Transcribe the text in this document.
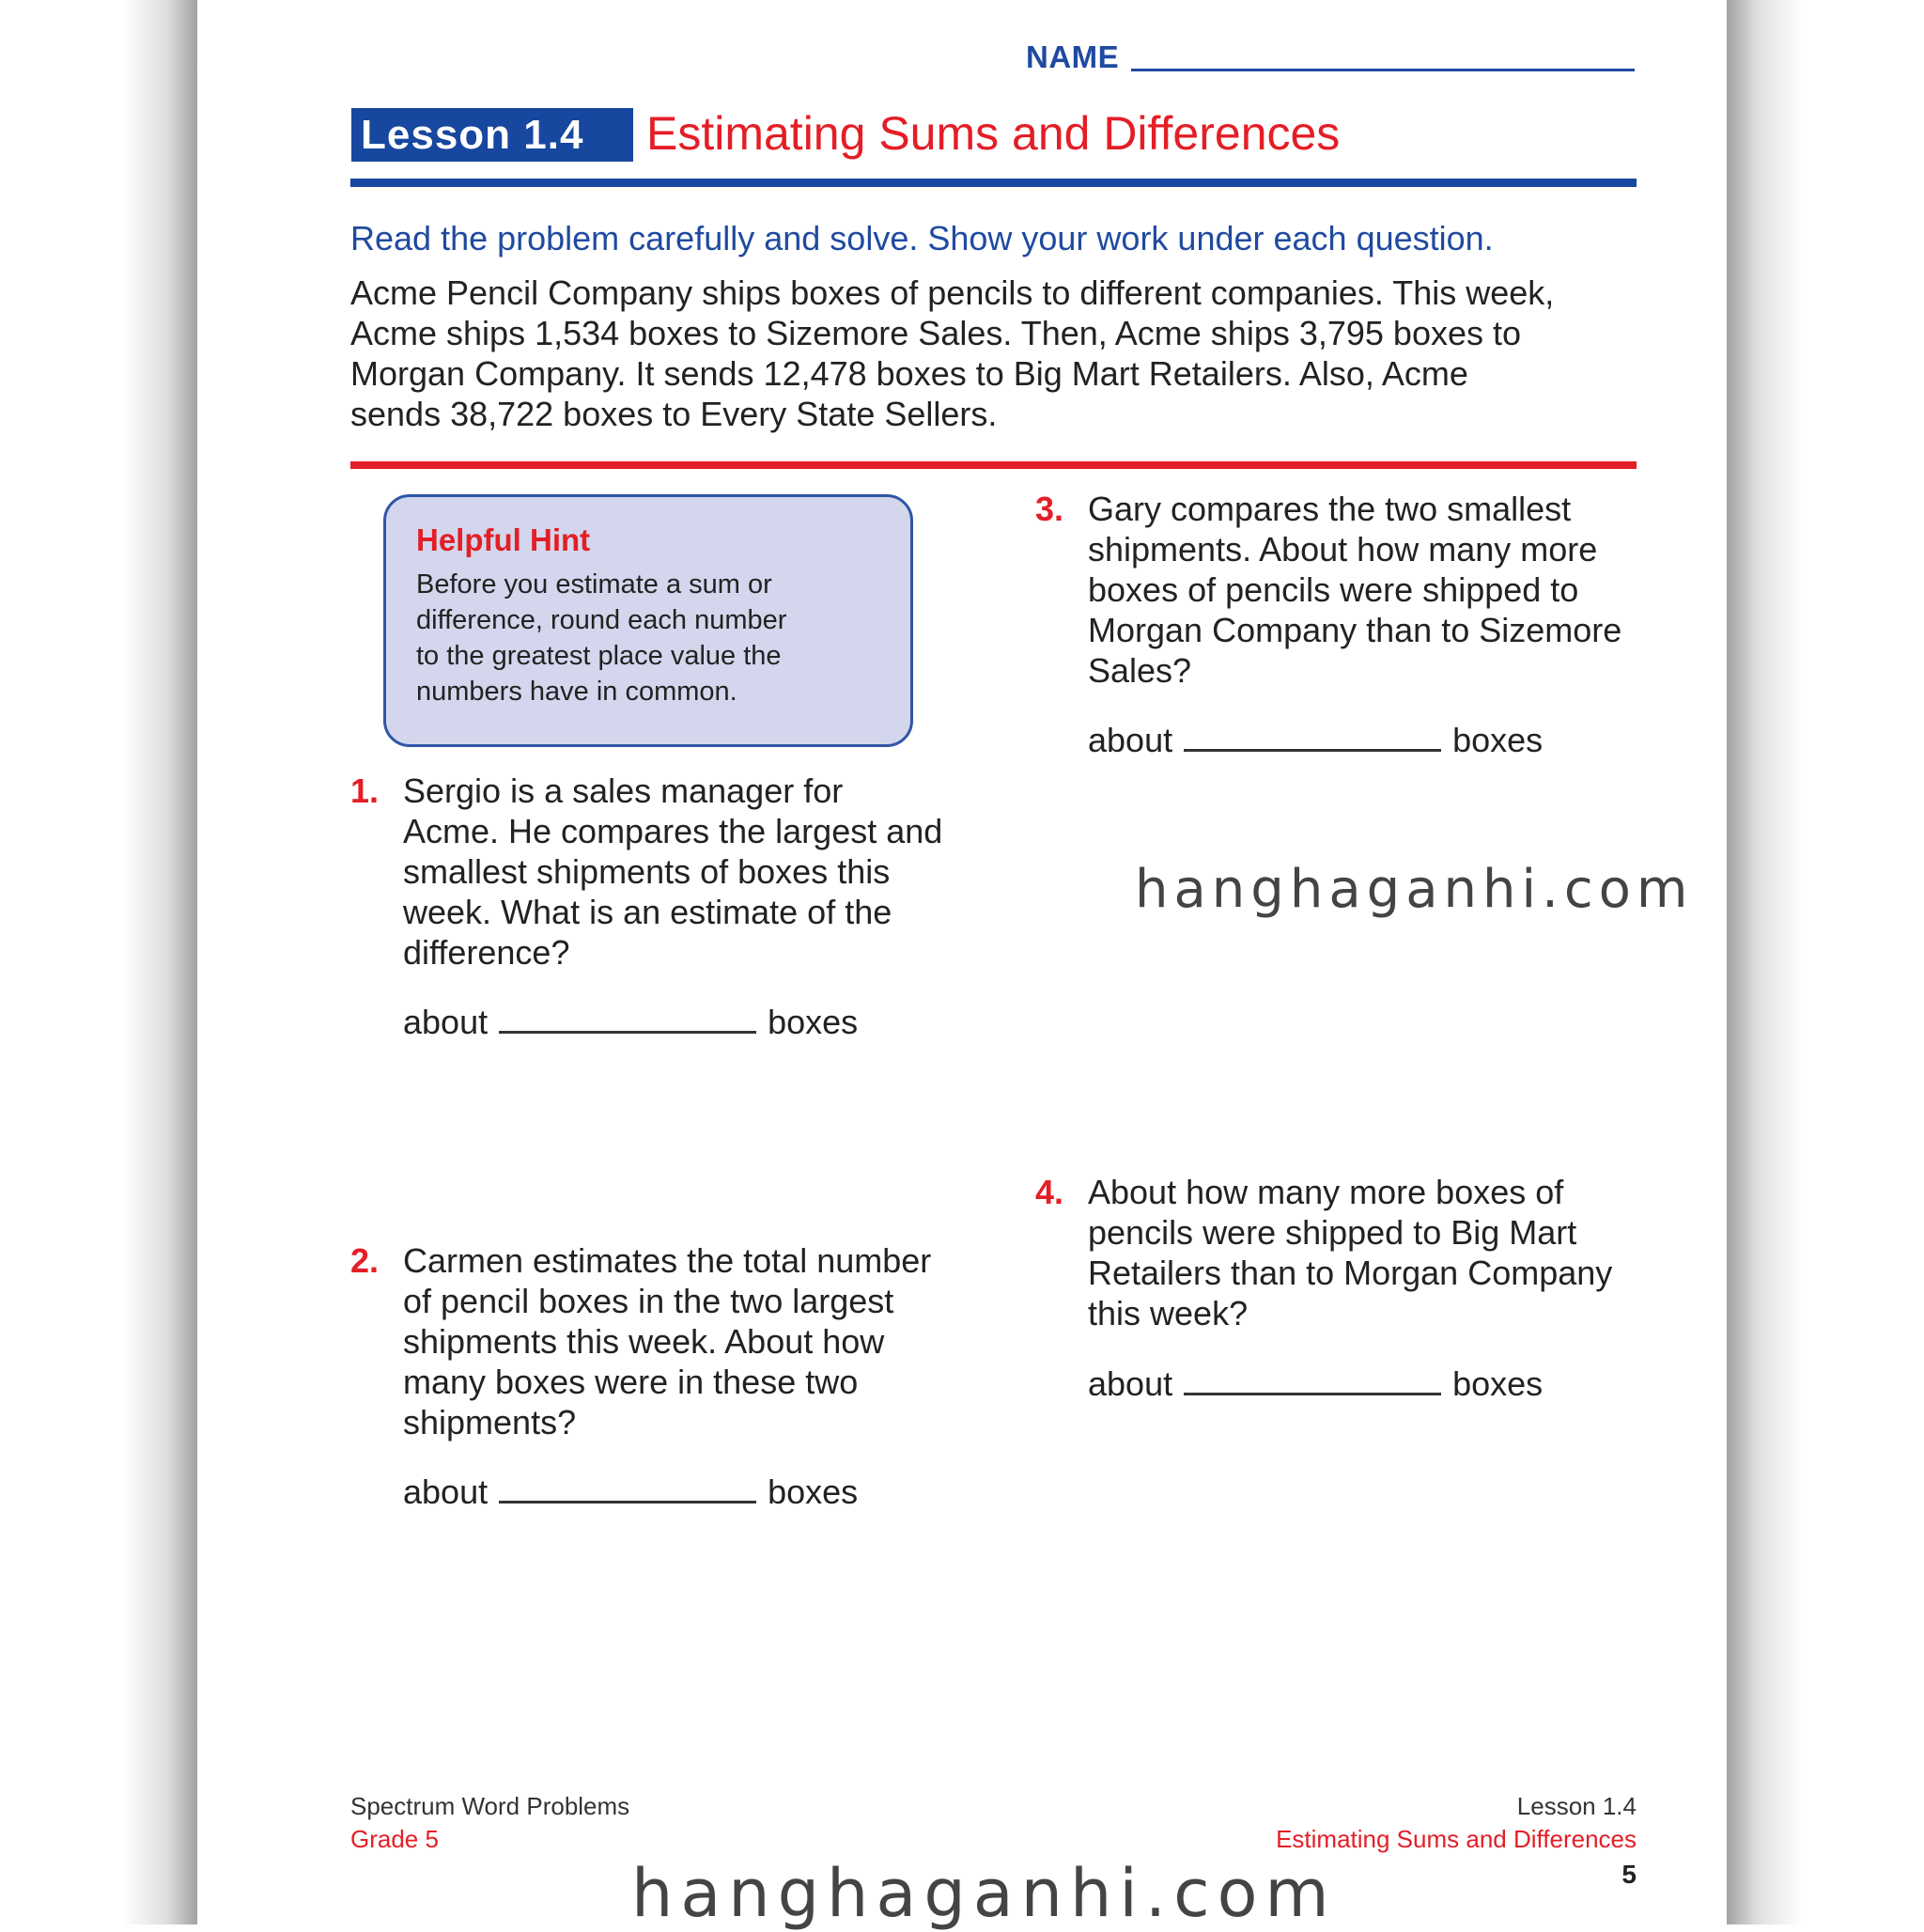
NAME
Lesson 1.4	Estimating Sums and Differences
Read the problem carefully and solve. Show your work under each question.
Acme Pencil Company ships boxes of pencils to different companies. This week,
Acme ships 1,534 boxes to Sizemore Sales. Then, Acme ships 3,795 boxes to
Morgan Company. It sends 12,478 boxes to Big Mart Retailers. Also, Acme
sends 38,722 boxes to Every State Sellers.
Helpful Hint
Before you estimate a sum or
difference, round each number
to the greatest place value the
numbers have in common.
1. Sergio is a sales manager for
Acme. He compares the largest and
smallest shipments of boxes this
week. What is an estimate of the
difference?
about	boxes
2. Carmen estimates the total number
of pencil boxes in the two largest
shipments this week. About how
many boxes were in these two
shipments?
about	boxes
3. Gary compares the two smallest
shipments. About how many more
boxes of pencils were shipped to
Morgan Company than to Sizemore
Sales?
about	boxes
4. About how many more boxes of
pencils were shipped to Big Mart
Retailers than to Morgan Company
this week?
about	boxes
Spectrum Word Problems
Grade 5
Lesson 1.4
Estimating Sums and Differences
5
hanghaganhi.com
hanghaganhi.com
